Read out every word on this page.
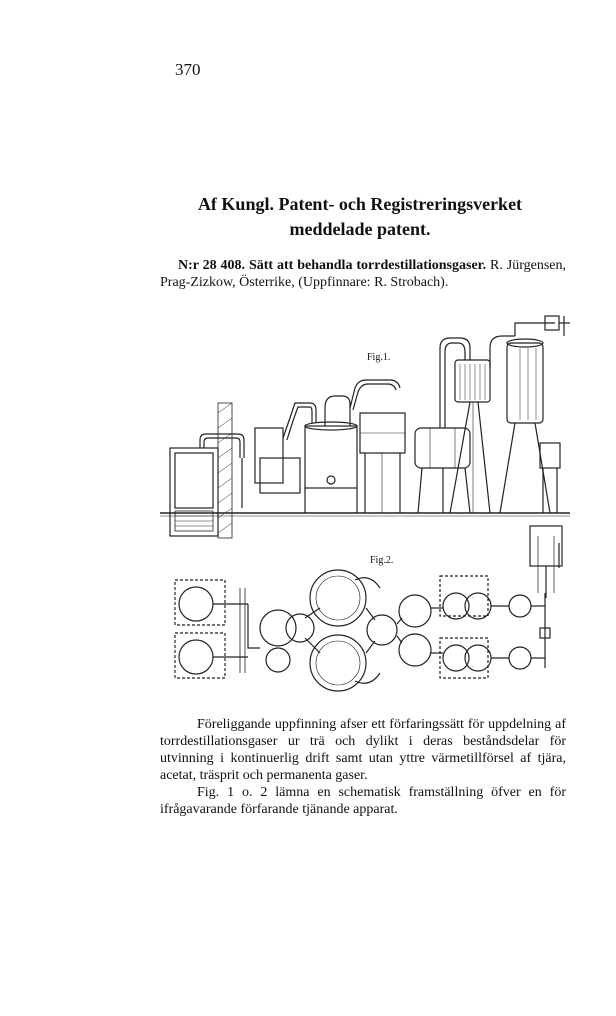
370
Af Kungl. Patent- och Registreringsverket
meddelade patent.
N:r 28 408. Sätt att behandla torrdestillationsgaser. R. Jürgensen, Prag-Zizkow, Österrike, (Uppfinnare: R. Strobach).
Fig.1.
Fig.2.

Föreliggande uppfinning afser ett förfaringssätt för uppdelning af torrdestillationsgaser ur trä och dylikt i deras beståndsdelar för utvinning i kontinuerlig drift samt utan yttre värmetillförsel af tjära, acetat, träsprit och permanenta gaser.

Fig. 1 o. 2 lämna en schematisk framställning öfver en för ifrågavarande förfarande tjänande apparat.
